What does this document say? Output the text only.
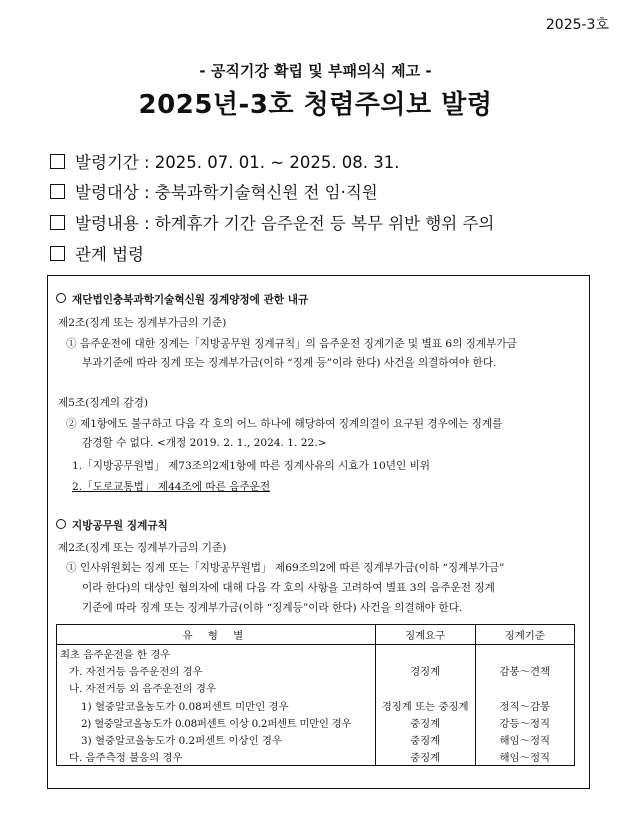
2025-3호
- 공직기강 확립 및 부패의식 제고 -
2025년-3호 청렴주의보 발령
발령기간 : 2025. 07. 01. ~ 2025. 08. 31.
발령대상 : 충북과학기술혁신원 전 임·직원
발령내용 : 하계휴가 기간 음주운전 등 복무 위반 행위 주의
관계 법령
재단법인충북과학기술혁신원 징계양정에 관한 내규
제2조(징계 또는 징계부가금의 기준)
① 음주운전에 대한 징계는「지방공무원 징계규칙」의 음주운전 징계기준 및 별표 6의 징계부가금
부과기준에 따라 징계 또는 징계부가금(이하 “징계 등”이라 한다) 사건을 의결하여야 한다.
제5조(징계의 감경)
② 제1항에도 불구하고 다음 각 호의 어느 하나에 해당하여 징계의결이 요구된 경우에는 징계를
감경할 수 없다. <개정 2019. 2. 1., 2024. 1. 22.>
1.「지방공무원법」 제73조의2제1항에 따른 징계사유의 시효가 10년인 비위
2.「도로교통법」 제44조에 따른 음주운전
지방공무원 징계규칙
제2조(징계 또는 징계부가금의 기준)
① 인사위원회는 징계 또는「지방공무원법」 제69조의2에 따른 징계부가금(이하 “징계부가금”
이라 한다)의 대상인 혐의자에 대해 다음 각 호의 사항을 고려하여 별표 3의 음주운전 징계
기준에 따라 징계 또는 징계부가금(이하 “징계등”이라 한다) 사건을 의결해야 한다.
유 형 별	징계요구	징계기준
최초 음주운전을 한 경우		
가. 자전거등 음주운전의 경우	경징계	감봉～견책
나. 자전거등 외 음주운전의 경우		
1) 혈중알코올농도가 0.08퍼센트 미만인 경우	경징계 또는 중징계	정직～감봉
2) 혈중알코올농도가 0.08퍼센트 이상 0.2퍼센트 미만인 경우	중징계	강등～정직
3) 혈중알코올농도가 0.2퍼센트 이상인 경우	중징계	해임～정직
다. 음주측정 불응의 경우	중징계	해임～정직
